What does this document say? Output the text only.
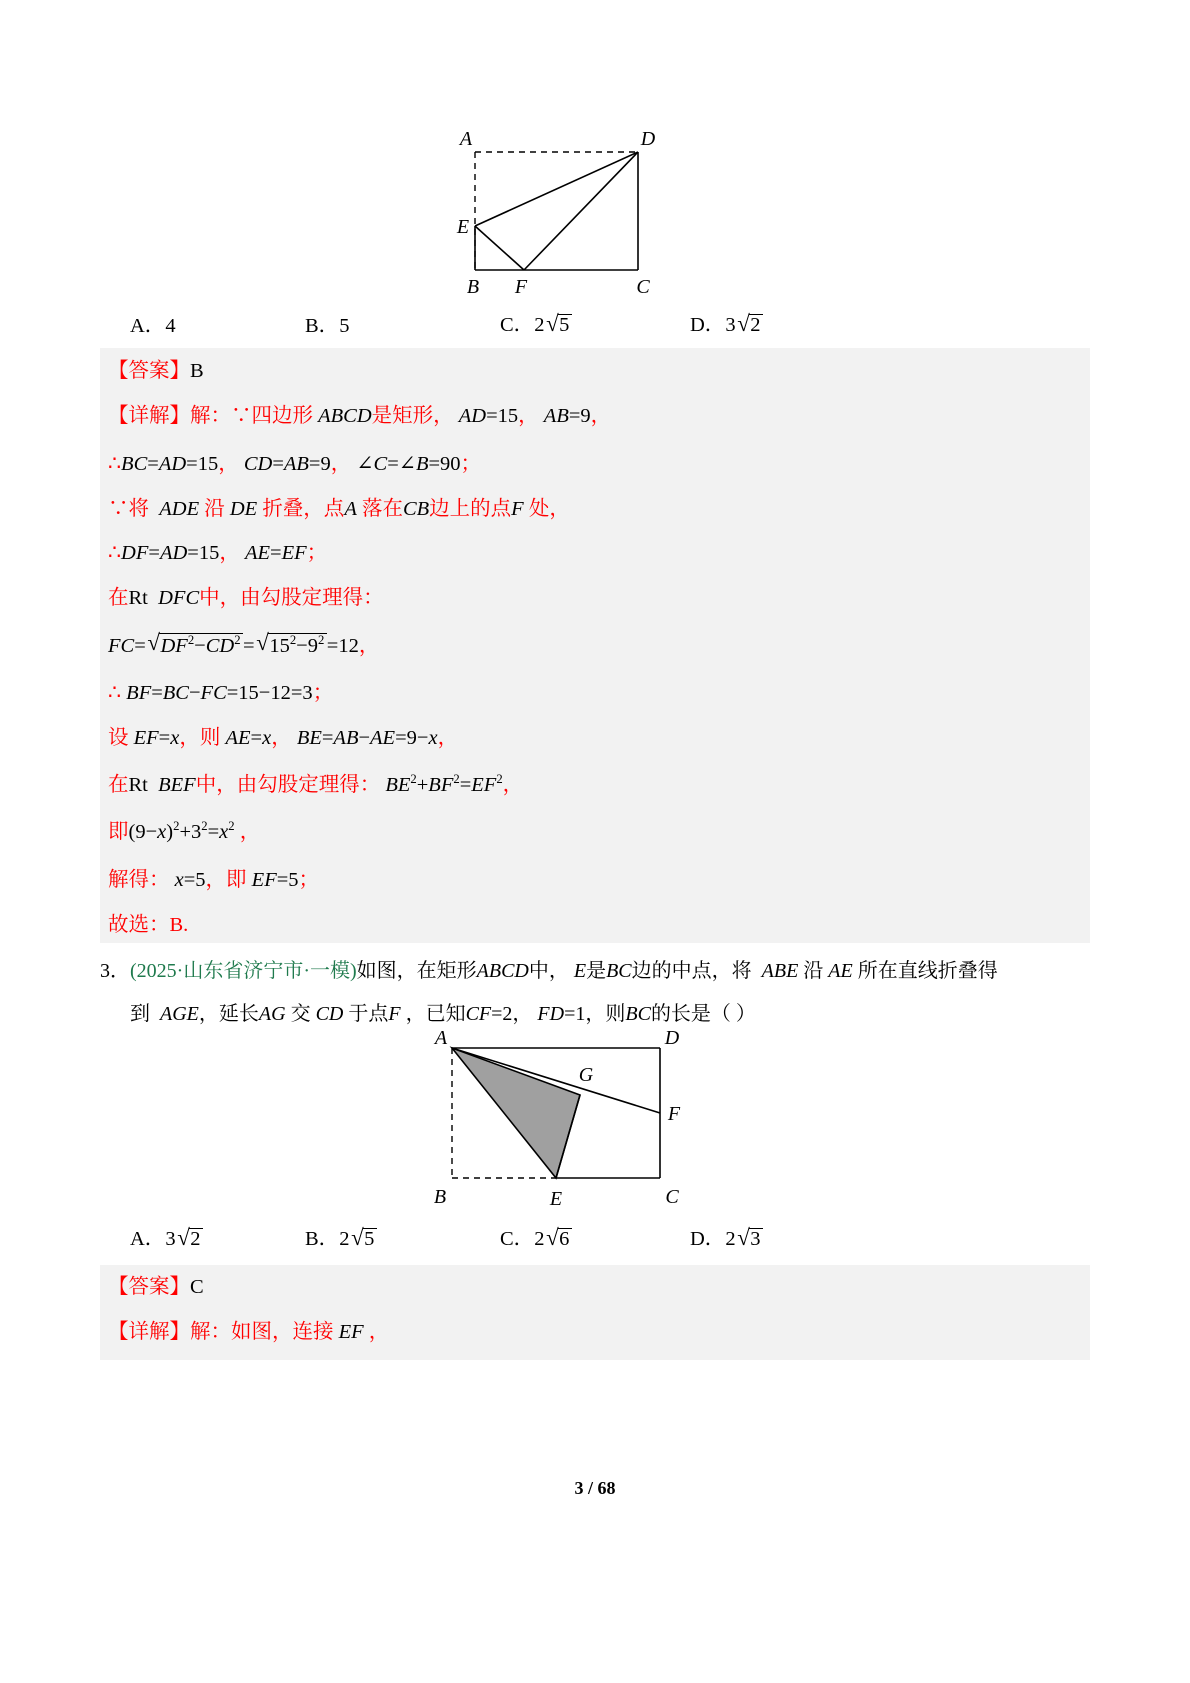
A	D
E
B F	C
A．4	B．5	C．2 √ 5	D．3 √ 2
【答案】B
【详解】解：∵四边形 ABCD是矩形， AD=15， AB=9，
∴BC=AD=15， CD=AB=9， ∠C=∠B=90；
∵将 ADE 沿 DE 折叠，点A 落在CB边上的点F 处，
∴DF=AD=15， AE=EF；
在Rt DFC中，由勾股定理得：
FC= √ $DF^2-CD^2$ = √ $15^2-9^2 =12$，
∴ BF=BC−FC=15−12=3；
设 EF=x，则 AE=x， BE=AB−AE=9−x，
在Rt BEF中，由勾股定理得： $BE^2+BF^2=EF^2$，
即$(9-x)^2+3^2=x^2$ ，
解得： x=5，即 EF=5；
故选：B.
3．(2025·山东省济宁市·一模)如图，在矩形ABCD中， E是BC边的中点，将 ABE 沿 AE 所在直线折叠得
到 AGE，延长AG 交 CD 于点F ，已知CF=2， FD=1，则BC的长是（ ）
A	D
G
F
B	E	C
A．3 √ 2	B．2 √ 5	C．2 √ 6	D．2 √ 3
【答案】C
【详解】解：如图，连接 EF ，
3 / 68
